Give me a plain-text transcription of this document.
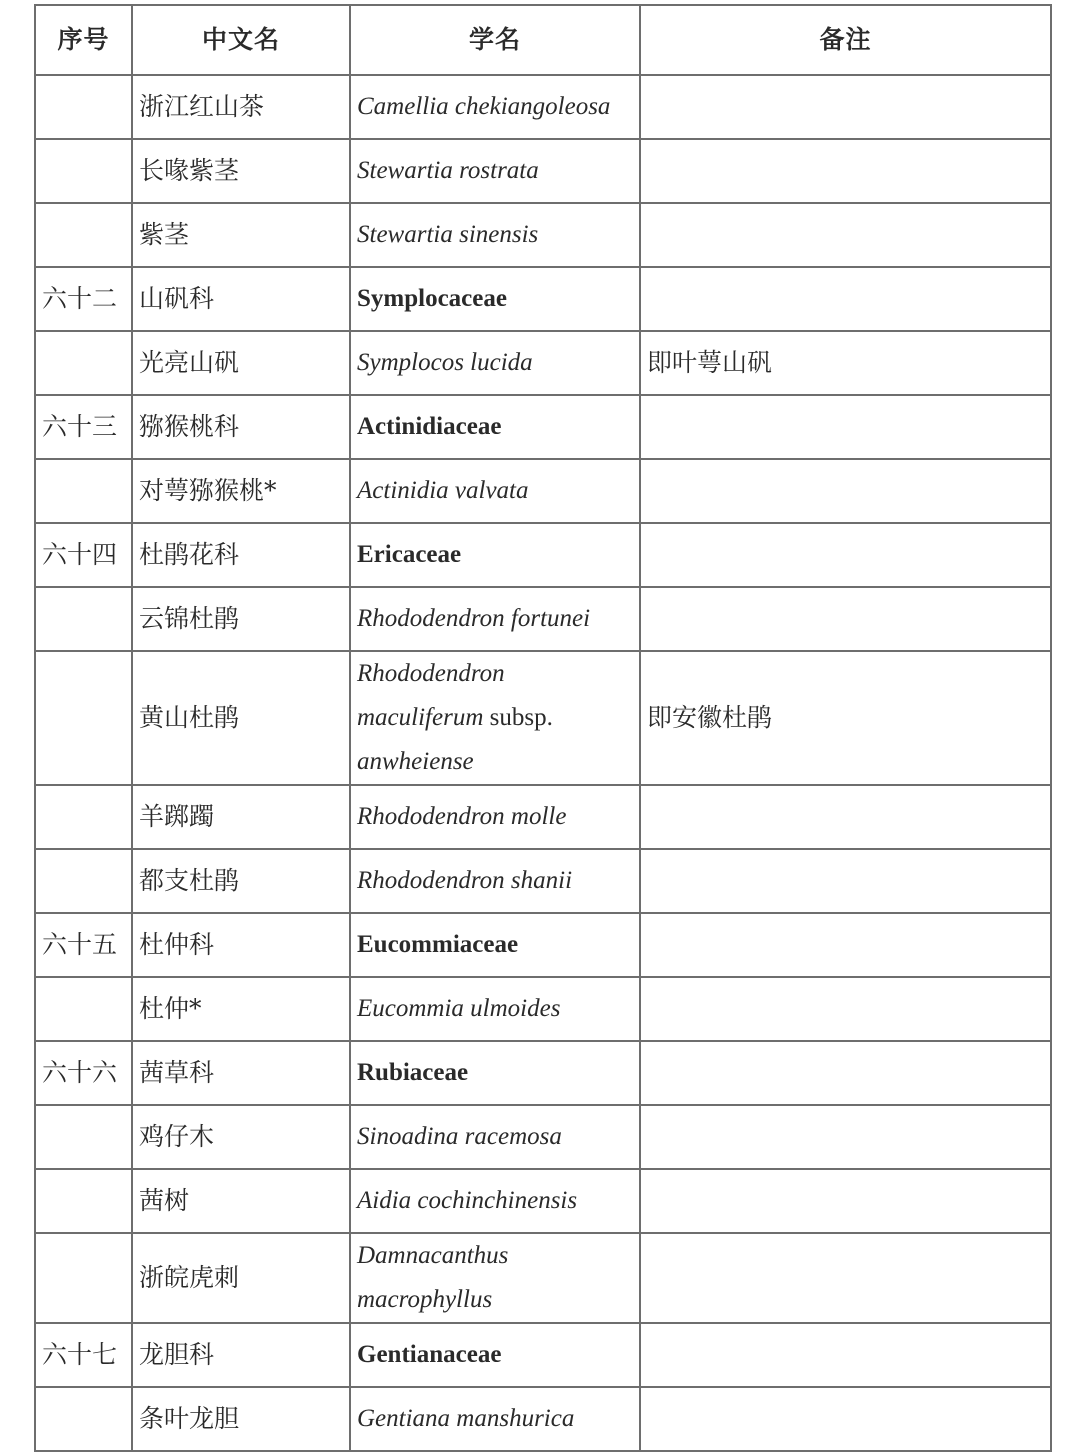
序号	中文名	学名	备注
	浙江红山茶	Camellia chekiangoleosa	
	长喙紫茎	Stewartia rostrata	
	紫茎	Stewartia sinensis	
六十二	山矾科	Symplocaceae	
	光亮山矾	Symplocos lucida	即叶萼山矾
六十三	猕猴桃科	Actinidiaceae	
	对萼猕猴桃*	Actinidia valvata	
六十四	杜鹃花科	Ericaceae	
	云锦杜鹃	Rhododendron fortunei	
	黄山杜鹃	Rhododendron
maculiferum subsp.
anwheiense	即安徽杜鹃
	羊踯躅	Rhododendron molle	
	都支杜鹃	Rhododendron shanii	
六十五	杜仲科	Eucommiaceae	
	杜仲*	Eucommia ulmoides	
六十六	茜草科	Rubiaceae	
	鸡仔木	Sinoadina racemosa	
	茜树	Aidia cochinchinensis	
	浙皖虎刺	Damnacanthus
macrophyllus	
六十七	龙胆科	Gentianaceae	
	条叶龙胆	Gentiana manshurica	
